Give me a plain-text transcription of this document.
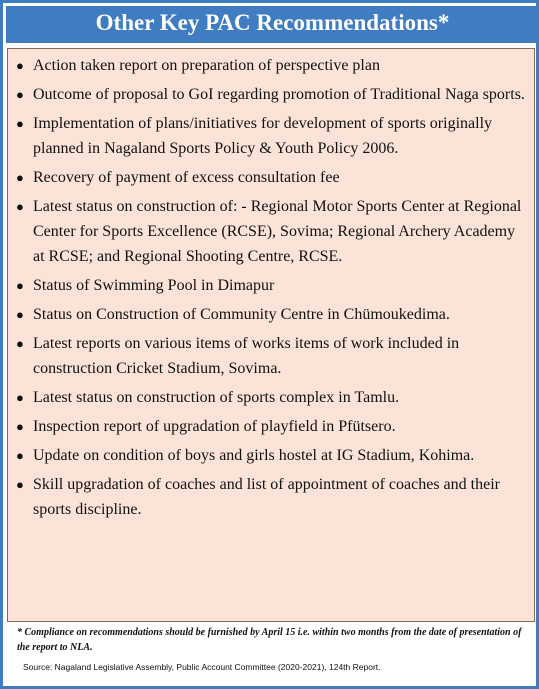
Other Key PAC Recommendations*
● Action taken report on preparation of perspective plan
● Outcome of proposal to GoI regarding promotion of Traditional Naga sports.
● Implementation of plans/initiatives for development of sports originally planned in Nagaland Sports Policy & Youth Policy 2006.
● Recovery of payment of excess consultation fee
● Latest status on construction of: - Regional Motor Sports Center at Regional Center for Sports Excellence (RCSE), Sovima; Regional Archery Academy at RCSE; and Regional Shooting Centre, RCSE.
● Status of Swimming Pool in Dimapur
● Status on Construction of Community Centre in Chümoukedima.
● Latest reports on various items of works items of work included in construction Cricket Stadium, Sovima.
● Latest status on construction of sports complex in Tamlu.
● Inspection report of upgradation of playfield in Pfütsero.
● Update on condition of boys and girls hostel at IG Stadium, Kohima.
● Skill upgradation of coaches and list of appointment of coaches and their sports discipline.
* Compliance on recommendations should be furnished by April 15 i.e. within two months from the date of presentation of the report to NLA.
Source: Nagaland Legislative Assembly, Public Account Committee (2020-2021), 124th Report.
